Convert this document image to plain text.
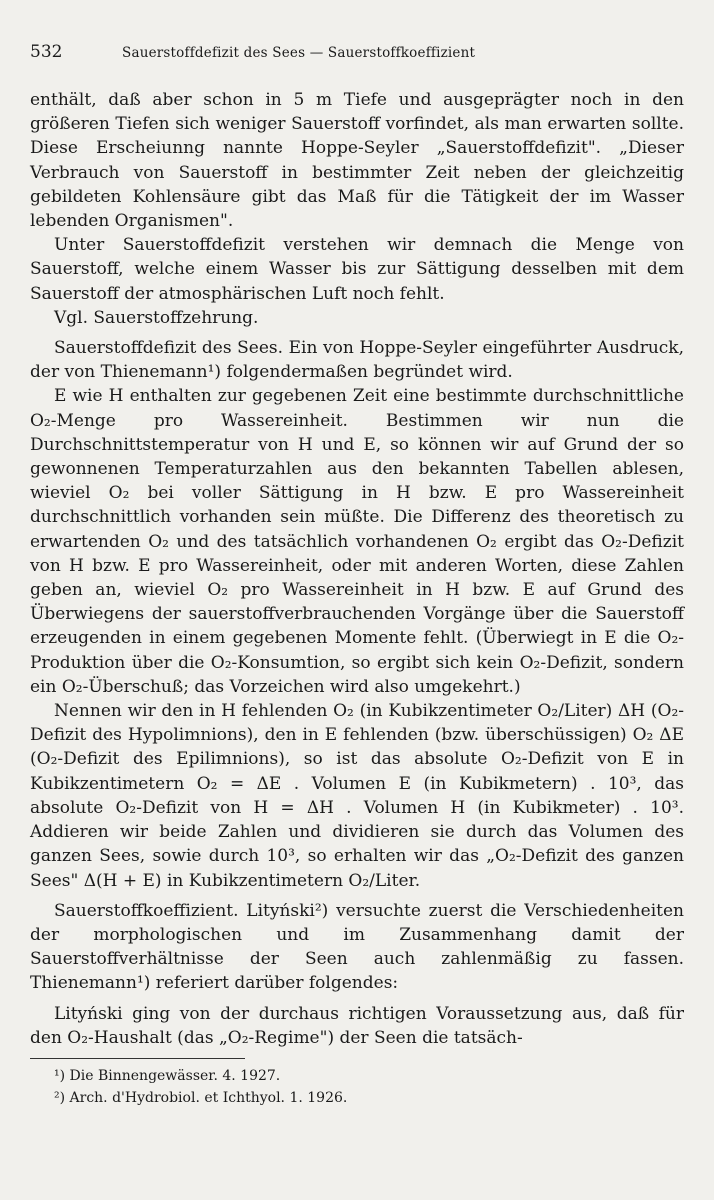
532	Sauerstoffdefizit des Sees — Sauerstoffkoeffizient

enthält, daß aber schon in 5 m Tiefe und ausgeprägter noch in den größeren Tiefen sich weniger Sauerstoff vorfindet, als man erwarten sollte. Diese Erscheiunng nannte Hoppe-Seyler „Sauerstoffdefizit". „Dieser Verbrauch von Sauerstoff in bestimmter Zeit neben der gleichzeitig gebildeten Kohlensäure gibt das Maß für die Tätigkeit der im Wasser lebenden Organismen".

Unter Sauerstoffdefizit verstehen wir demnach die Menge von Sauerstoff, welche einem Wasser bis zur Sättigung desselben mit dem Sauerstoff der atmosphärischen Luft noch fehlt.

Vgl. Sauerstoffzehrung.

Sauerstoffdefizit des Sees. Ein von Hoppe-Seyler eingeführter Ausdruck, der von Thienemann¹) folgendermaßen begründet wird.

E wie H enthalten zur gegebenen Zeit eine bestimmte durchschnittliche O₂-Menge pro Wassereinheit. Bestimmen wir nun die Durchschnittstemperatur von H und E, so können wir auf Grund der so gewonnenen Temperaturzahlen aus den bekannten Tabellen ablesen, wieviel O₂ bei voller Sättigung in H bzw. E pro Wassereinheit durchschnittlich vorhanden sein müßte. Die Differenz des theoretisch zu erwartenden O₂ und des tatsächlich vorhandenen O₂ ergibt das O₂-Defizit von H bzw. E pro Wassereinheit, oder mit anderen Worten, diese Zahlen geben an, wieviel O₂ pro Wassereinheit in H bzw. E auf Grund des Überwiegens der sauerstoffverbrauchenden Vorgänge über die Sauerstoff erzeugenden in einem gegebenen Momente fehlt. (Überwiegt in E die O₂-Produktion über die O₂-Konsumtion, so ergibt sich kein O₂-Defizit, sondern ein O₂-Überschuß; das Vorzeichen wird also umgekehrt.)

Nennen wir den in H fehlenden O₂ (in Kubikzentimeter O₂/Liter) ΔH (O₂-Defizit des Hypolimnions), den in E fehlenden (bzw. überschüssigen) O₂ ΔE (O₂-Defizit des Epilimnions), so ist das absolute O₂-Defizit von E in Kubikzentimetern O₂ = ΔE . Volumen E (in Kubikmetern) . 10³, das absolute O₂-Defizit von H = ΔH . Volumen H (in Kubikmeter) . 10³. Addieren wir beide Zahlen und dividieren sie durch das Volumen des ganzen Sees, sowie durch 10³, so erhalten wir das „O₂-Defizit des ganzen Sees" Δ(H + E) in Kubikzentimetern O₂/Liter.

Sauerstoffkoeffizient. Lityński²) versuchte zuerst die Verschiedenheiten der morphologischen und im Zusammenhang damit der Sauerstoffverhältnisse der Seen auch zahlenmäßig zu fassen. Thienemann¹) referiert darüber folgendes:

Lityński ging von der durchaus richtigen Voraussetzung aus, daß für den O₂-Haushalt (das „O₂-Regime") der Seen die tatsäch-

¹) Die Binnengewässer. 4. 1927.
²) Arch. d'Hydrobiol. et Ichthyol. 1. 1926.
